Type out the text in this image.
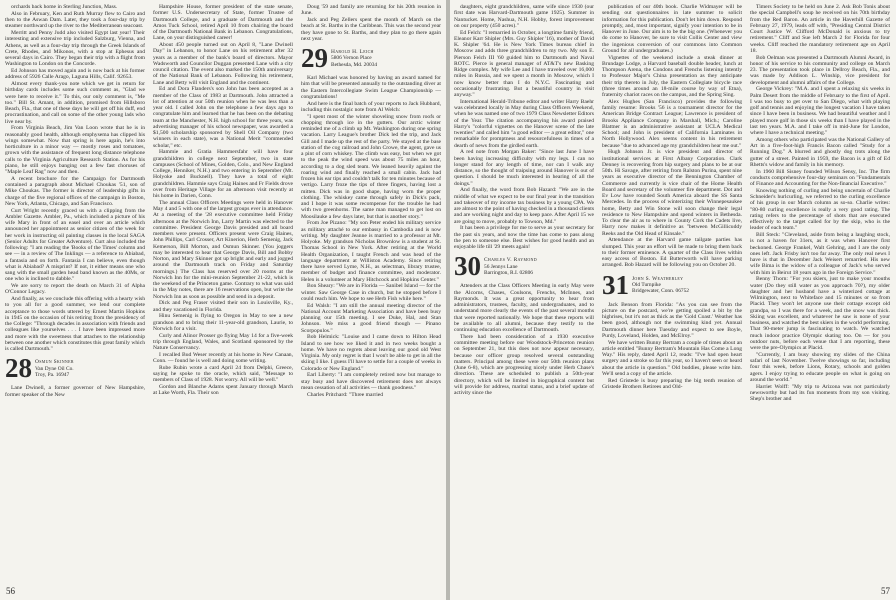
orchards back home in Sterling Junction, Mass.

Also in February, Ken and Ruth Murray flew to Cairo and then to the Aswan Dam. Later, they took a four-day trip by steamer northward up the river to the Mediterranean seacoast.

Merritt and Penny Judd also visited Egypt last year! Their interesting and extensive trip included Salzburg, Vienna, and Athens, as well as a four-day trip through the Greek Islands of Crete, Rhodes, and Mikonos, with a stop at Ephesus and several days in Cairo. They began their trip with a flight from Washington to London on the Concorde.

Ed Johnson has moved again and is now back at his former address of 5926 Calle Arago, Laguna Hills, Calif. 92653.

Almost every thank-you note which we get in return for birthday cards includes some such comment as, "Glad we were here to receive it." To this, our only comment is, "Me too." Bill St. Amant, in addition, promised from Hillsboro Beach, Fla., that one of these days he will get off his duff, end procrastination, and call on some of the other young lads who live near by.

From Virginia Beach, Jim Van Loon wrote that he is in reasonably good health, although emphysema has clipped his wings somewhat. Now that spring is here again, he's into horticulture in a minor way — mostly roses and tomatoes, grown with the assistance of frequent long distance telephone calls to the Virginia Agriculture Research Station. As for his piano, he still enjoys banging out a few fast choruses of "Maple Leaf Rag" now and then.

A recent brochure for the Campaign for Dartmouth contained a paragraph about Michael Choukas '51, son of Mike Choukas. The former is director of leadership gifts in charge of the five regional offices of the campaign in Boston, New York, Atlanta, Chicago, and San Francisco.

Curt Wright recently graced us with a clipping from the Ambler Gazette. Ambler, Pa., which included a picture of his wife Mary in front of an easel and over an article which announced her appointment as senior citizen of the week for her work in instructing oil painting classes in the local SAGA (Senior Adults for Greater Adventure). Curt also included the following: "I am reading the 'Books of the Times' column and see — in a review of The Inklings — a reference to Abiabad, a fantasia and on forth. Fantasia I can believe, even though what is Abiabad? A misprint? If not, it either means one who sang with the small garden head band known as the 40Ms, or one who is inclined to dabble."

We are sorry to report the death on March 31 of Alpha O'Connor Legacy.

And finally, as we conclude this offering with a hearty wish to you all for a good summer, we lend our complete acceptance to those words uttered by Ernest Martin Hopkins in 1945 on the occasion of his retiring from the presidency of the College: "Through decades in association with friends and colleagues like yourselves . . . I have been impressed more and more with the sweetness that attaches to the relationship between one another which constitutes this great family which is called Dartmouth."

28 Osmun Skinner
Van Dyne Oil Co.
Troy, Pa. 16947

Lane Dwinell, a former governor of New Hampshire, former speaker of the New

Hampshire House, former president of the state senate, former U.S. Undersecretary of State, former Trustee of Dartmouth College, and a graduate of Dartmouth and the Amos Tuck School, retired April 10 from chairing the board of the Dartmouth National Bank in Lebanon. Congratulations, Lane, on your distinguished career!

About 450 people turned out on April 8, "Lane Dwinell Day" in Lebanon, to honor Lane on his retirement after 32 years as a member of the bank's board of directors. Mayor Wadsworth and Councilor Duggan presented Lane with a city council citation. The event also marked the 150th anniversary of the National Bank of Lebanon. Following his retirement, Lane and Betty will visit England and the continent.

Ed and Dora Flanders's son John has been accepted as a member of the Class of 1983 at Dartmouth. John attracted a lot of attention at our 50th reunion when he was less than a year old. I called John on the telephone a few days ago to congratulate him and learned that he has been on the debating team at the Manchester, N.H. high school for three years, was advertising manager of his school newspaper, was awarded a $1,500 scholarship sponsored by Shell Oil Company (two winners in each state), was a National Merit "commended scholar," etc.

Hammie and Gratia Hammersfahr will have four grandchildren in college next September, two in state campuses (School of Mines, Golden, Colo., and New England College, Henniker, N.H.) and two entering in September (Mt. Holyoke and Bucknell). They have a total of eight grandchildren. Hammie says Craig Haines and Fr Fields drove over from Heritage Village for an afternoon visit recently at his home in Darien, Conn.

The annual Class Officers Meetings were held in Hanover May 4 and 5 with one of the largest groups ever in attendance. At a meeting of the '28 executive committee held Friday afternoon at the Norwich Inn, Larry Martin was elected to the committee. President George Davis presided and all board members were present. Officers present were Craig Haines, John Phillips, Carl Crosser, Art Kinerion, Herb Semenig, Jack Kemerson, Bill Morton, and Osmun Skinner. (You joggers may be interested to hear that George Davis, Bill and Bobby Norton, and Mary Skinner got up bright and early and jogged around the Dartmouth track on Friday and Saturday mornings.) The Class has reserved over 20 rooms at the Norwich Inn for the mini-reunion September 21-22, which is the weekend of the Princeton game. Contrary to what was said in the May notes, there are 16 reservations open, but write the Norwich Inn as soon as possible and send in a deposit.

Dick and Peg Fraser visited their son in Louisville, Ky., and they vacationed in Florida.

Hinu Semenig is flying to Oregon in May to see a new grandson and to bring their 11-year-old grandson, Laurie, to Norwich for a visit.

Curly and Alinor Prosser go flying May 14 for a five-week trip through England, Wales, and Scotland sponsored by the Nature Conservancy.

I recalled Bud Weser recently at his home in New Canaan, Conn. — found he is well and doing some writing.

Rube Rubin wrote a card April 24 from Delphi, Greece, saying he spoke to the oracle, which said, "Message to members of Class of 1928. Not worry. All will be well."

Gordon and Blanche Adams spent January through March at Lake Worth, Fla. Their son

Doug '59 and family are returning for his 20th reunion in June.

Jack and Peg Zellers spent the month of March on the beach at St. Barths in the Caribbean. This was the second year they have gone to St. Barths, and they plan to go there again next year.

29 Harold H. Leich
5806 Vernon Place
Bethesda, Md. 20034

Karl Michael was honored by having an award named for him that will be presented annually to the outstanding diver at the Eastern Intercollegiate Swim League Championship — congratulations!

And here is the final batch of your reports to Jack Hubbard, including this nostalgic note from Al Welch:

"I spent most of the winter shoveling snow from roofs or chopping through ice in the gutters. Our arctic winter reminded me of a climb up Mt. Washington during one spring vacation. Larry League's brother Dick led the trip, and Jack Gill and I made up the rest of the party. We stayed at the base station of the cog railroad and John Crowe, the agent, gave us a pint of corn whiskey. The climb was easy, but when we got to the peak the wind speed was about 75 miles an hour, according to a dog sled team. We leaned heavily against the roaring wind and finally reached a small cabin. Jack had frozen his ear tips and couldn't talk for ten minutes because of vertigo. Larry froze the tips of three fingers, having lost a mitten. Dick was in good shape, having worn the proper clothing. The whiskey came through safely in Dick's pack, and I hope it was some recompense for the trouble he had with two greenhorns. The same man managed to get lost on Moosilauke a few days later, but that is another story."

From Joe Pizano: "My son Peter ended his military service as military attaché to our embassy in Cambodia and is now writing. My daughter Jeanne is married to a professor at Mt. Holyoke. My grandson Nicholas Brownlow is a student at St. Thomas School in New York. After retiring at the World Health Organization, I taught French and was head of the language department at Williston Academy. Since retiring there have served Lyme, N.H., as selectman, library trustee, member of budget and finance committee, and moderator. Helen is a volunteer at Mary Hitchcock and Hopkins Center."

Bon Sheary: "We are in Florida — Sanibel Island — for the winter. Saw George Case in church, but he stopped before I could reach him. We hope to see Herb Fish while here."

Ed Walsh: "I am still the annual meeting director of the National Account Marketing Association and have been busy planning our 15th meeting. I see Duke, Hal, and Stan Johnson. We miss a good friend though — Pinano Scorpopulos."

Bob Helmick: "Louise and I came down to Hilton Head Island to see how we liked it and in two weeks bought a home. We have no regrets about leaving our good old West Virginia. My only regret is that I won't be able to get in all the skiing I like. I guess I'll have to settle for a couple of weeks in Colorado or New England."

Earl Liberty: "I am completely retired now but manage to stay busy and have discovered retirement does not always mean cessation of all activities — thank goodness."

Charles Pritchard: "Three married

56

daughters, eight grandchildren, same wife since 1930 (our first date was Harvard-Dartmouth game 1925). Summer in Nantucket. Home, Nashua, N.H. Hobby, forest improvement on our property (450 acres)."

Ed Felch: "I remarried in October, a longtime family friend, Eleanor Karr Shipler (Mrs. Guy Shipler '16), mother of David K. Shipler '64. He is New York Times bureau chief in Moscow and adds three grandchildren to my two. My son E. Pierson Felch III '60 guided him to Dartmouth and Naval ROTC. Pierce is general manager of AT&T's new Basking Ridge complex. My wife Lee and I have traveled over 16,000 miles in Russia, and we spent a month in Moscow, which I now know better than I do N.Y.C. Fascinating and occasionally frustrating. But a beautiful country in visit anyway."

International Herald-Tribune editor and writer Harry Baehr was celebrated locally in May during Class Officers Weekend, when he was named one of two 1979 Class Newsletter Editors of the Year. The citation accompanying his award praised Harry's "colorful vignettes on the Hanover scene of the late twenties" and called him "a good editor — a great editor," one remarkable for promptness and resourcefulness in times of a dearth of news from the girdled earth.

A red note from Morgan Baker: "Since last June I have been having increasing difficulty with my legs. I can no longer stand for any length of time, nor can I walk any distance, so the thought of traipsing around Hanover is out of question. I should be much interested in hearing of all the doings."

And finally, the word from Bob Hazard: "We are in the middle of what we expect to be our final year in the transition and takeover of my income tax business by a young CPA. We are almost to the point of having checked in a thousand clients and are working night and day to keep pace. After April 15 we are going to move, probably to Towson, Md."

It has been a privilege for me to serve as your secretary for the past six years, and now the time has come to pass along the pen to someone else. Best wishes for good health and an enjoyable life till '29 meets again!

30 Charles V. Raymond
56 Jennys Lane
Barrington, R.I. 02806

Attenders at the Class Officers Meeting in early May were the Alcorns, Chases, Coulsons, Frenchs, McInnes, and Raymonds. It was a great opportunity to hear from administrators, trustees, faculty, and undergraduates, and to understand more clearly the events of the past several months that were reported nationally. We hope that these reports will be available to all alumni, because they testify to the continuing education excellence of Dartmouth.

There had been consideration of a 1930 executive committee meeting before our Woodstock-Princeton reunion on September 21, but this does not now appear necessary, because our officer group resolved several outstanding matters. Principal among these were our 50th reunion plans (June 6-8), which are progressing nicely under Herb Chase's direction. These are scheduled to publish a 50th-year directory, which will be limited in biographical content but will provide for address, marital status, and a brief update of activity since the

publication of our 40th book. Charlie Widmayer will be sending out questionnaires in late summer to solicit information for this publication. Don't let him down. Respond promptly, and, most important, signify your intention to be in Hanover in June. Our aim is to be the big one. (Whenever you do come to Hanover, be sure to visit Collis Center and view the ingenious conversion of our commons into Common Ground for all undergraduates.)

Vignettes of the weekend include a steak dinner at Brundage Lodge, a Harvard baseball double header, lunch at Thompson Arena, the Condons and Frenchs listening intently to Professor Major's China presentation as they anticipate their trip thereto in July, the Eastern Collegiate bicycle race (three times around an 18-mile course by way of Etna), fraternity chariot races on the campus, and the Spring Sing.

Alex Hughes (San Francisco) provides the following family resume: Brooks '56 is a tournament director for the American Bridge Contract League; Lawrence is president of Brooks Appliance Company in Marshall, Mich.; Caroline Blattner is an administrative assistant at UCLA Medical School; and John is president of California Laminates in North Hollywood. Alex seems content in his retirement because "due to advanced age my grandchildren hear me out."

Hugh Johnson Jr. is vice president and director of institutional services at First Albany Corporation. Clark Denney is recovering from hip surgery and plans to be at our 50th. Hi Savage, after retiring from Ralston Purina, spent nine years as executive director of the Bennington Chamber of Commerce and currently is vice chair of the Home Health Board and secretary of the volunteer fire department. Dot and Ev Low have rounded South America aboard the SS Santa Mercedes. In the process of winterizing their Winnepesaukee home, Betty and Win Stone will soon change their legal residence to New Hampshire and spend winters in Bethesda. To clear the air as to where in County Cork the Cadets live, Harry now makes it definitive as "between McGillicuddy Reeks and the Old Head of Kinsale."

Attendance at the Harvard game tailgate parties has slumped. This year an effort will be made to bring them back to their former eminence. A quarter of the Class lives within easy access of Boston. Ed Butterworth will have parking arranged. Bob Hazard will be following you on October 20.

31 John S. Weatherley
Old Turnpike
Bridgewater, Conn. 06752

Jack Benson from Florida: "As you can see from the picture on the postcard, we're getting spoiled a bit by the highrises, but it's not as thick as the 'Gold Coast.' Weather has been good, although not the swimming kind yet. Annual Dartmouth dinner here Tuesday and expect to see Boyle, Purdy, Loveland, Holden, and McElroy."

We have written Bunny Bertram a couple of times about an article entitled "Bunny Bertram's Mountain Has Come a Long Way." His reply, dated April 12, reads: "I've had open heart surgery and a stroke so far this year, so I haven't seen or heard about the article in question." Old buddies, please write him. We'll send a copy of the article.

Red Gristede is busy preparing the big tenth reunion of Gristede Brothers Retirees and Old-

Timers Society to be held on June 2. Ask Bob Tonis about the special Campbell's soup he received on his 70th birthday from the Red Baron. An article in the Haverhill Gazette of February 27, 1979, leads off with, "Presiding Central District Court Justice W. Clifford McDonald is anxious to try retirement." Cliff and Sue left March 2 for Florida for four weeks. Cliff reached the mandatory retirement age on April 18.

Bob Oelman was presented a Dartmouth Alumni Award, in honor of his service to his community and college on March 23. The presentation took place in Dellroy Beach, Fla., and was made by Addison L. Winship, vice president for development and alumni affairs of the College.

George Vickrey: "M.A. and I spent a relaxing six weeks in Palm Desert from the middle of February to the first of April. I was too busy to get over to San Diego, what with playing golf and tennis and enjoying the longest vacation I have taken since I have been in business. We had beautiful weather and I played more golf in those six weeks than I have played in the last ten years. M.A. and I take off in mid-June for London, where I have a technical meeting."

Among others who participated was the National Gallery of Art in a five-foot-high Francis Bacon called "Study for a Running Dog." A blurred and ghostly dog trots along the gutter of a street. Painted in 1959, the Bacon is a gift of Ed Rhetts's widow and family in his memory.

In 1960 Bill Sisney founded Wilson Sensy, Inc. The firm conducts comprehensive four-day seminars on "Fundamentals of Finance and Accounting for the Non-financial Executive."

Knowing nothing of curling and being uncertain of Charlie Schneider's hurlcurling, we referred to the curling excellence of his group in our March column as so-so. Charlie writes: "80-80 curling excellence is really a very good rating. The rating refers to the percentage of shots that are executed effectively to the target called for by the skip, who is the leader of each team."

Bill Steck: "Cleveland, aside from being a laughing stock, is not a haven for 31ers, as it was when Hanover first beckoned. George Frankel, Walt Gehring, and I are the only ones left. Jack Frisby isn't too far away. The only real news I have is that in December Jack Weisert remarried. His new wife Bima is the widow of a colleague of Jack's who served with him in Beirut 18 years ago in the Foreign Service."

Benny Thorn: "For you skiers, just to make your mouths water (Do they still water as you approach 70?), my older daughter and her husband have a winterized cottage at Wilmington, next to Whiteface and 15 minutes or so from Placid. They won't let anyone use their cottage except old grandpa, so I was there for a week, and the snow was thick. Skiing was excellent, and whatever he saw is none of your business, and watched the best skiers in the world performing. That 90-meter jump is fascinating to watch. We watched much indoor practice Olympic skating too. On — for you outdoor nuts, before each venue that I am reporting, these were the pre-Olympics at Placid.

"Currently, I am busy showing my slides of the China safari of last November. Twelve showings so far, including four this week, before Lions, Rotary, schools and golden agers. I enjoy trying to educate people on what is going on around the world."

Harriet Wolff: "My trip to Arizona was not particularly newsworthy but had its fun moments from my son visiting. Shep's brother and

57
